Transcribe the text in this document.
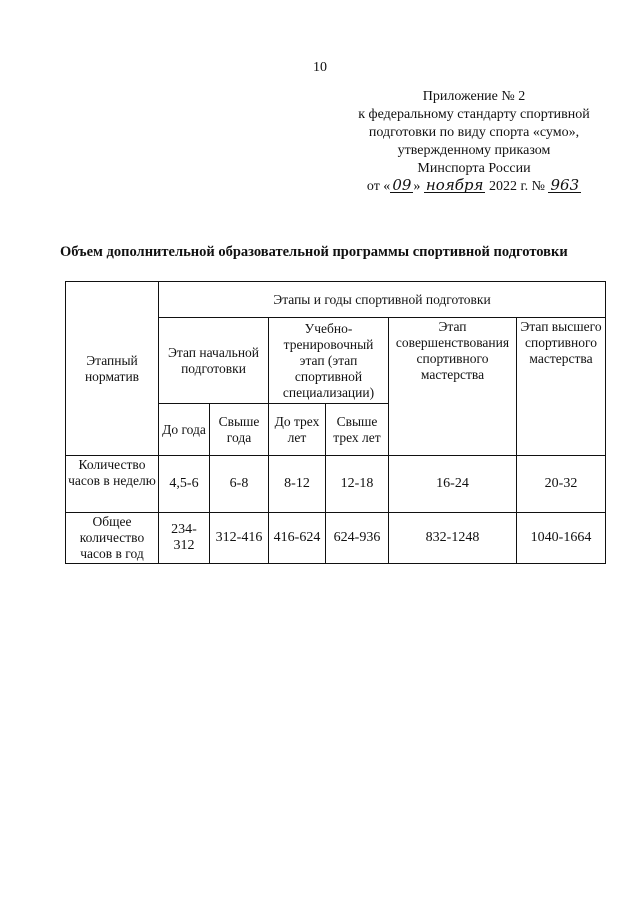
10
Приложение № 2
к федеральному стандарту спортивной
подготовки по виду спорта «сумо»,
утвержденному приказом
Минспорта России
от « 09 » ноября 2022 г. № 963
Объем дополнительной образовательной программы спортивной подготовки
Этапный норматив	Этапы и годы спортивной подготовки					
	Этап начальной подготовки		Учебно-тренировочный этап (этап спортивной специализации)		Этап совершенствования спортивного мастерства	Этап высшего спортивного мастерства
	До года	Свыше года	До трех лет	Свыше трех лет		
Количество часов в неделю	4,5-6	6-8	8-12	12-18	16-24	20-32
Общее количество часов в год	234-312	312-416	416-624	624-936	832-1248	1040-1664
